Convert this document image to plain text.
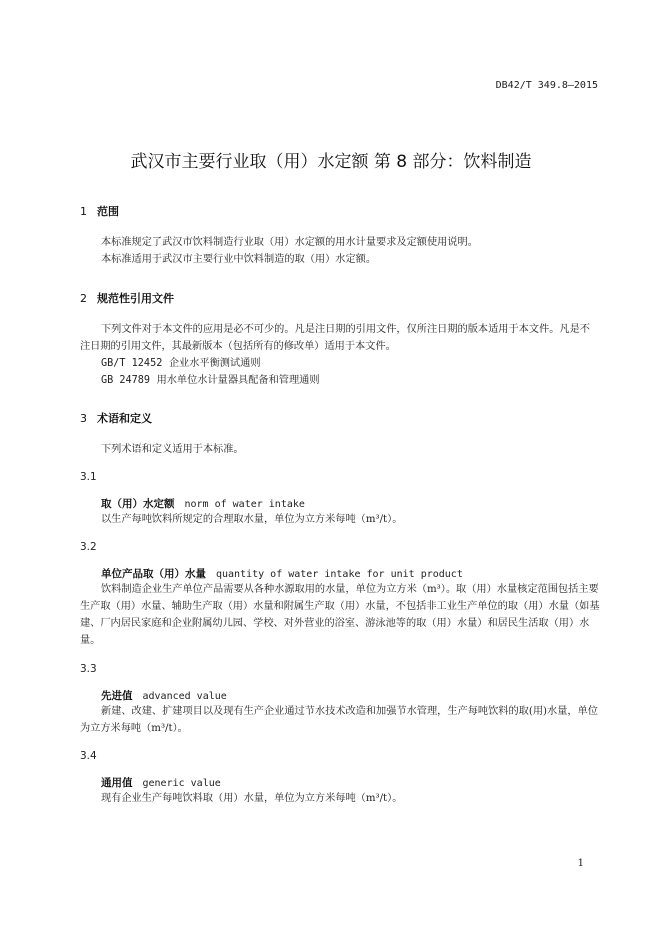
DB42/T 349.8—2015
武汉市主要行业取（用）水定额 第 8 部分：饮料制造
1 范围

本标准规定了武汉市饮料制造行业取（用）水定额的用水计量要求及定额使用说明。

本标准适用于武汉市主要行业中饮料制造的取（用）水定额。

2 规范性引用文件

下列文件对于本文件的应用是必不可少的。凡是注日期的引用文件，仅所注日期的版本适用于本文件。凡是不注日期的引用文件，其最新版本（包括所有的修改单）适用于本文件。

GB/T 12452 企业水平衡测试通则
GB 24789 用水单位水计量器具配备和管理通则
3 术语和定义

下列术语和定义适用于本标准。

3.1
取（用）水定额 norm of water intake

以生产每吨饮料所规定的合理取水量，单位为立方米每吨（m³/t）。

3.2
单位产品取（用）水量 quantity of water intake for unit product

饮料制造企业生产单位产品需要从各种水源取用的水量，单位为立方米（m³）。取（用）水量核定范围包括主要生产取（用）水量、辅助生产取（用）水量和附属生产取（用）水量，不包括非工业生产单位的取（用）水量（如基建、厂内居民家庭和企业附属幼儿园、学校、对外营业的浴室、游泳池等的取（用）水量）和居民生活取（用）水量。

3.3
先进值 advanced value

新建、改建、扩建项目以及现有生产企业通过节水技术改造和加强节水管理，生产每吨饮料的取(用)水量，单位为立方米每吨（m³/t）。

3.4
通用值 generic value

现有企业生产每吨饮料取（用）水量，单位为立方米每吨（m³/t）。

1
